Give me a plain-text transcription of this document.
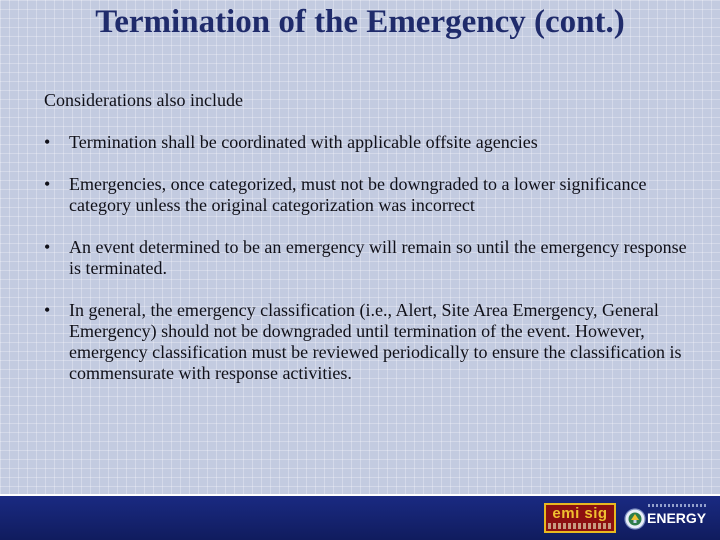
Termination of the Emergency (cont.)

Considerations also include

• Termination shall be coordinated with applicable offsite agencies
• Emergencies, once categorized, must not be downgraded to a lower significance category unless the original categorization was incorrect
• An event determined to be an emergency will remain so until the emergency response is terminated.
• In general, the emergency classification (i.e., Alert, Site Area Emergency, General Emergency) should not be downgraded until termination of the event. However, emergency classification must be reviewed periodically to ensure the classification is commensurate with response activities.
emi sig	ENERGY
